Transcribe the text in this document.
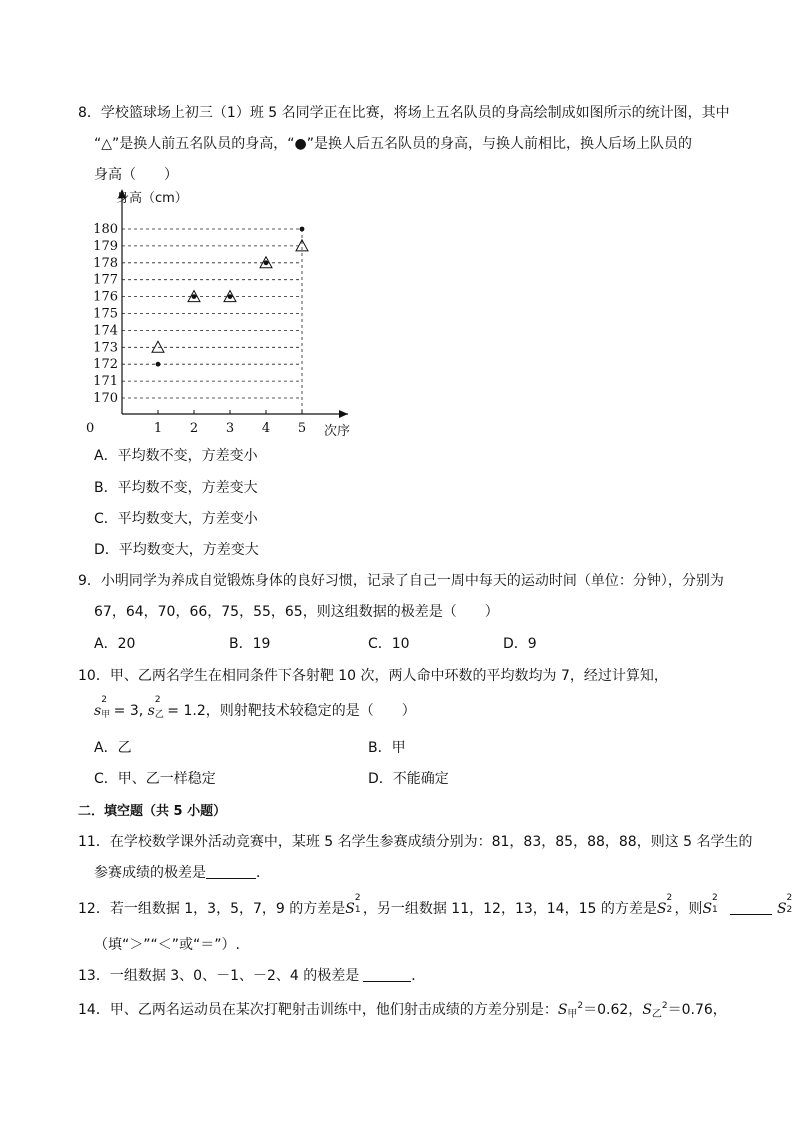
8．学校篮球场上初三（1）班 5 名同学正在比赛，将场上五名队员的身高绘制成如图所示的统计图，其中
“△”是换人前五名队员的身高，“●”是换人后五名队员的身高，与换人前相比，换人后场上队员的
身高（　　）
170
171
172
173
174
175
176
177
178
179
180
1 2 3 4 5
身高（cm）
次序
0
A．平均数不变，方差变小
B．平均数不变，方差变大
C．平均数变大，方差变小
D．平均数变大，方差变大
9．小明同学为养成自觉锻炼身体的良好习惯，记录了自己一周中每天的运动时间（单位：分钟），分别为
67，64，70，66，75，55，65，则这组数据的极差是（　　）
A．20	B．19	C．10	D．9
10．甲、乙两名学生在相同条件下各射靶 10 次，两人命中环数的平均数均为 7，经过计算知，
s
2
甲
= 3, s
2
乙
= 1.2，则射靶技术较稳定的是（　　）
A．乙	B．甲
C．甲、乙一样稳定	D．不能确定
二．填空题（共 5 小题）
11．在学校数学课外活动竞赛中，某班 5 名学生参赛成绩分别为：81，83，85，88，88，则这 5 名学生的
参赛成绩的极差是	．
12．若一组数据 1，3，5，7，9 的方差是S
2
1 ，另一组数据 11，12，13，14，15 的方差是S
2
2 ，则S
2
1	S
2
2
（填“＞”“＜”或“＝”）.
13．一组数据 3、0、－1、－2、4 的极差是	．
14．甲、乙两名运动员在某次打靶射击训练中，他们射击成绩的方差分别是：$S_甲^2=0.62$，$S_乙^2=0.76$，
